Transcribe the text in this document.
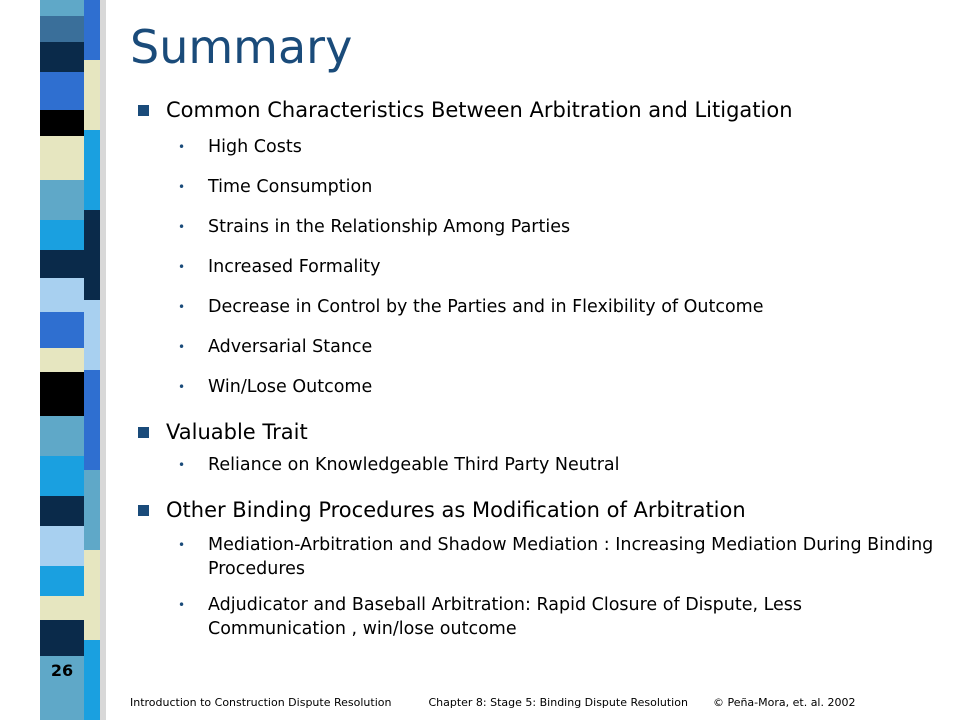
26
Summary
Common Characteristics Between Arbitration and Litigation
• High Costs
• Time Consumption
• Strains in the Relationship Among Parties
• Increased Formality
• Decrease in Control by the Parties and in Flexibility of Outcome
• Adversarial Stance
• Win/Lose Outcome
Valuable Trait
• Reliance on Knowledgeable Third Party Neutral
Other Binding Procedures as Modification of Arbitration
• Mediation-Arbitration and Shadow Mediation : Increasing Mediation During Binding Procedures
• Adjudicator and Baseball Arbitration: Rapid Closure of Dispute, Less Communication , win/lose outcome
Introduction to Construction Dispute Resolution	Chapter 8: Stage 5: Binding Dispute Resolution © Peña-Mora, et. al. 2002
